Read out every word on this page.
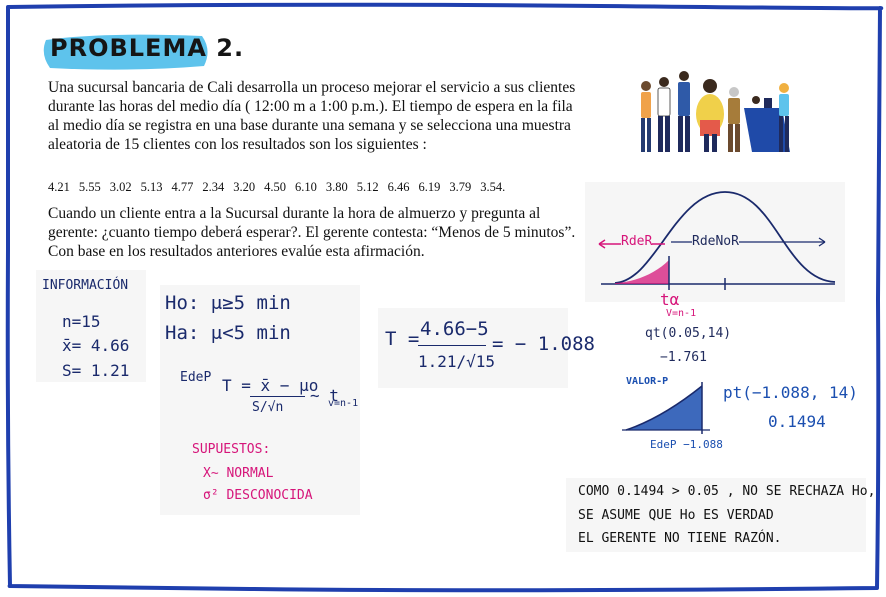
PROBLEMA 2.
Una sucursal bancaria de Cali desarrolla un proceso mejorar el servicio a sus clientes durante las horas del medio día ( 12:00 m a 1:00 p.m.). El tiempo de espera en la fila al medio día se registra en una base durante una semana y se selecciona una muestra aleatoria de 15 clientes con los resultados son los siguientes :
4.21 5.55 3.02 5.13 4.77 2.34 3.20 4.50 6.10 3.80 5.12 6.46 6.19 3.79 3.54.
Cuando un cliente entra a la Sucursal durante la hora de almuerzo y pregunta al gerente: ¿cuanto tiempo deberá esperar?. El gerente contesta: “Menos de 5 minutos”. Con base en los resultados anteriores evalúe esta afirmación.
INFORMACIÓN
n=15
x̄= 4.66
S= 1.21
Ho: μ≥5 min
Ha: μ<5 min
EdeP T = x̄ − μo
S/√n
∼ t
v=n-1
SUPUESTOS:
X∼ NORMAL
σ² DESCONOCIDA
T = 4.66−5
1.21/√15
= − 1.088
RdeR	RdeNoR
tα
V=n-1
qt(0.05,14)
−1.761
VALOR-P
pt(−1.088, 14)
0.1494
EdeP −1.088
COMO 0.1494 > 0.05 , NO SE RECHAZA Ho,
SE ASUME QUE Ho ES VERDAD
EL GERENTE NO TIENE RAZÓN.
